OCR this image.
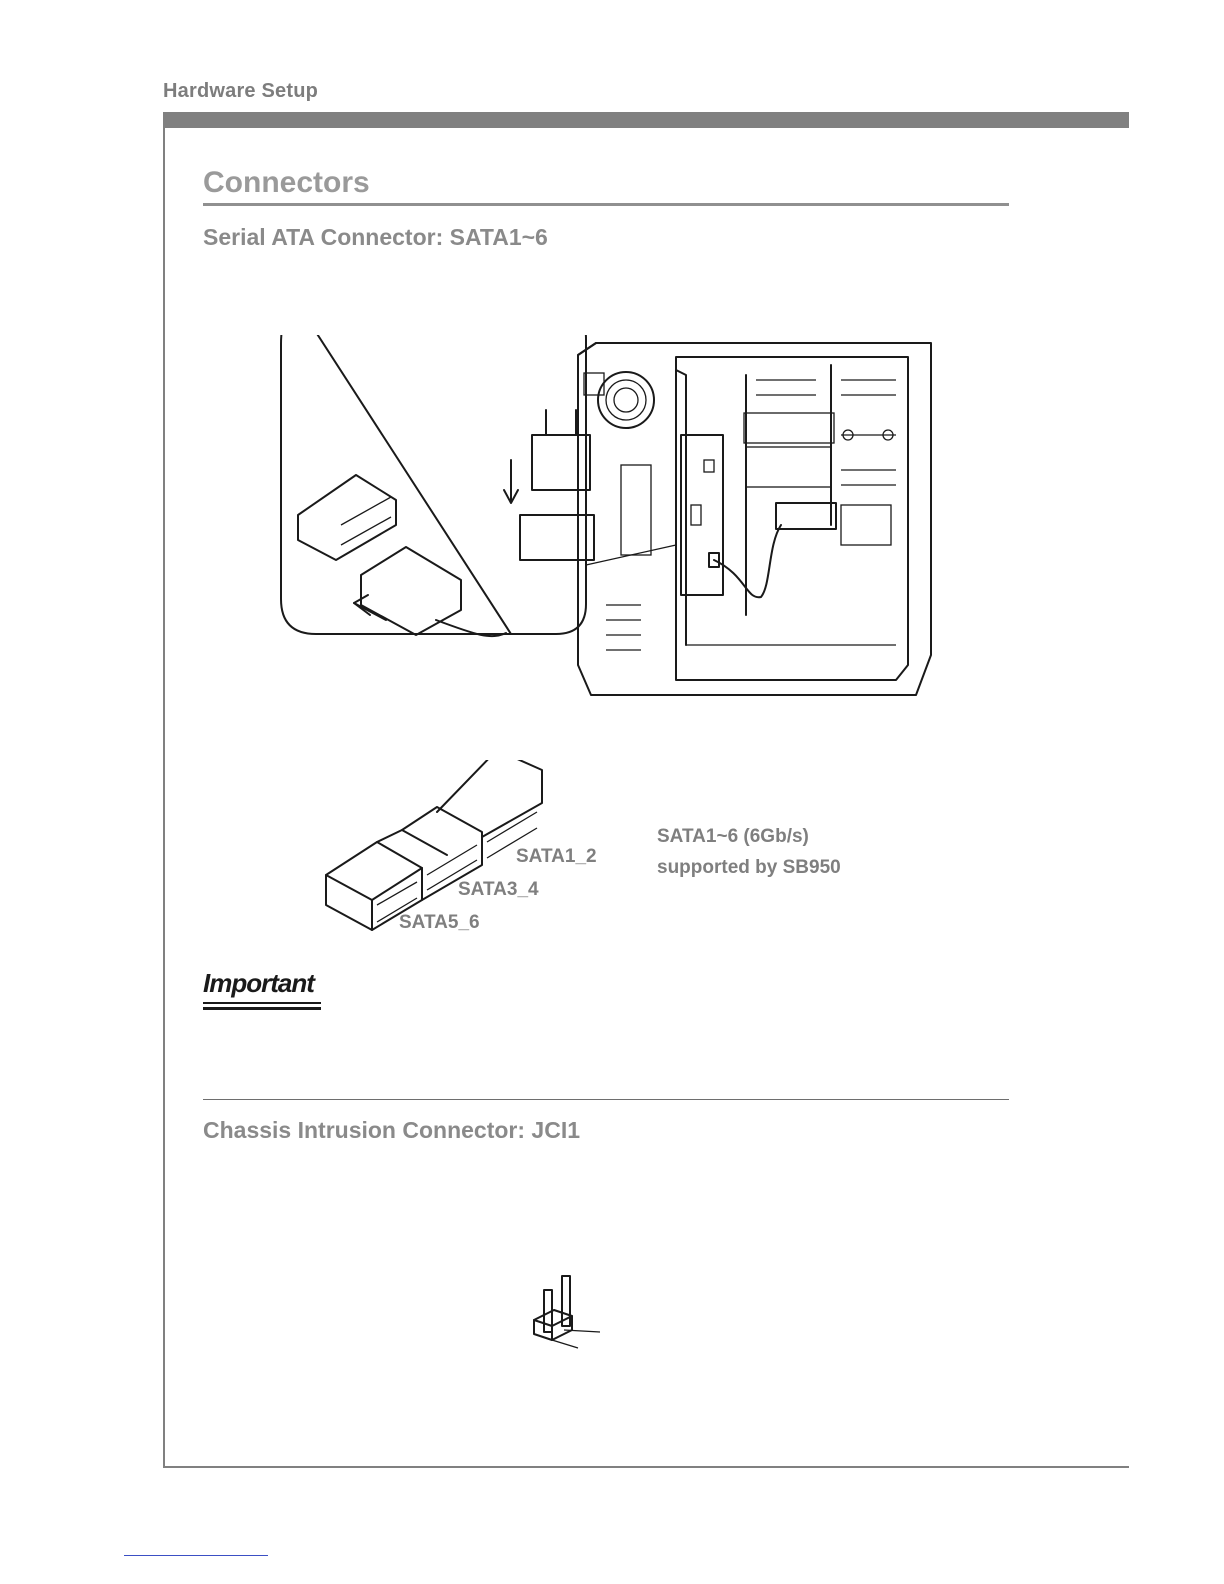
Hardware Setup
Connectors
Serial ATA Connector: SATA1~6
SATA1_2
SATA3_4
SATA5_6
SATA1~6 (6Gb/s)
supported by SB950
Important
Chassis Intrusion Connector: JCI1
